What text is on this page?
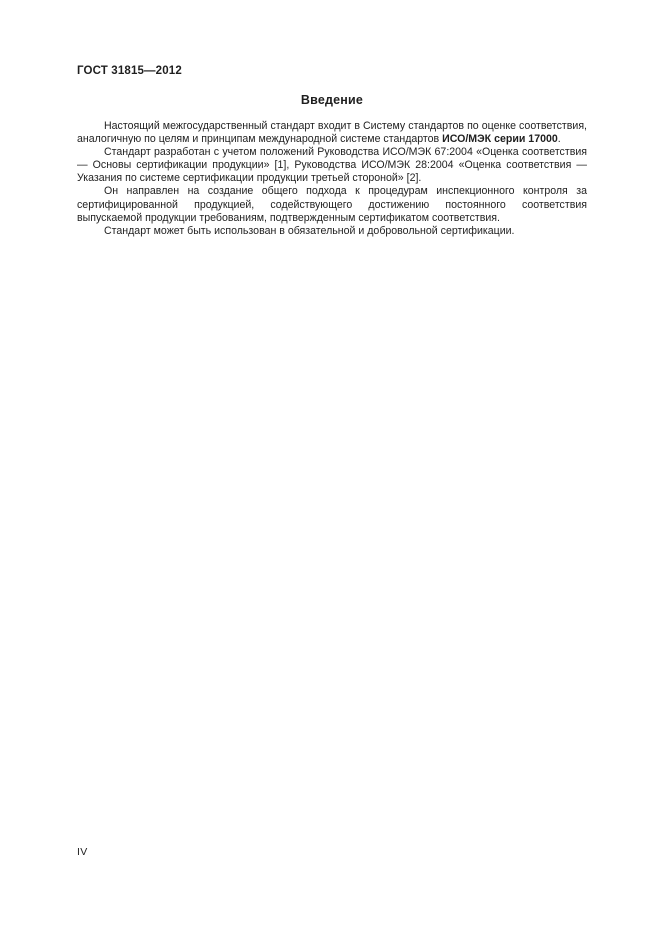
ГОСТ 31815—2012
Введение

Настоящий межгосударственный стандарт входит в Систему стандартов по оценке соответствия, аналогичную по целям и принципам международной системе стандартов ИСО/МЭК серии 17000.

Стандарт разработан с учетом положений Руководства ИСО/МЭК 67:2004 «Оценка соответствия — Основы сертификации продукции» [1], Руководства ИСО/МЭК 28:2004 «Оценка соответствия — Указания по системе сертификации продукции третьей стороной» [2].

Он направлен на создание общего подхода к процедурам инспекционного контроля за сертифицированной продукцией, содействующего достижению постоянного соответствия выпускаемой продукции требованиям, подтвержденным сертификатом соответствия.

Стандарт может быть использован в обязательной и добровольной сертификации.

IV
